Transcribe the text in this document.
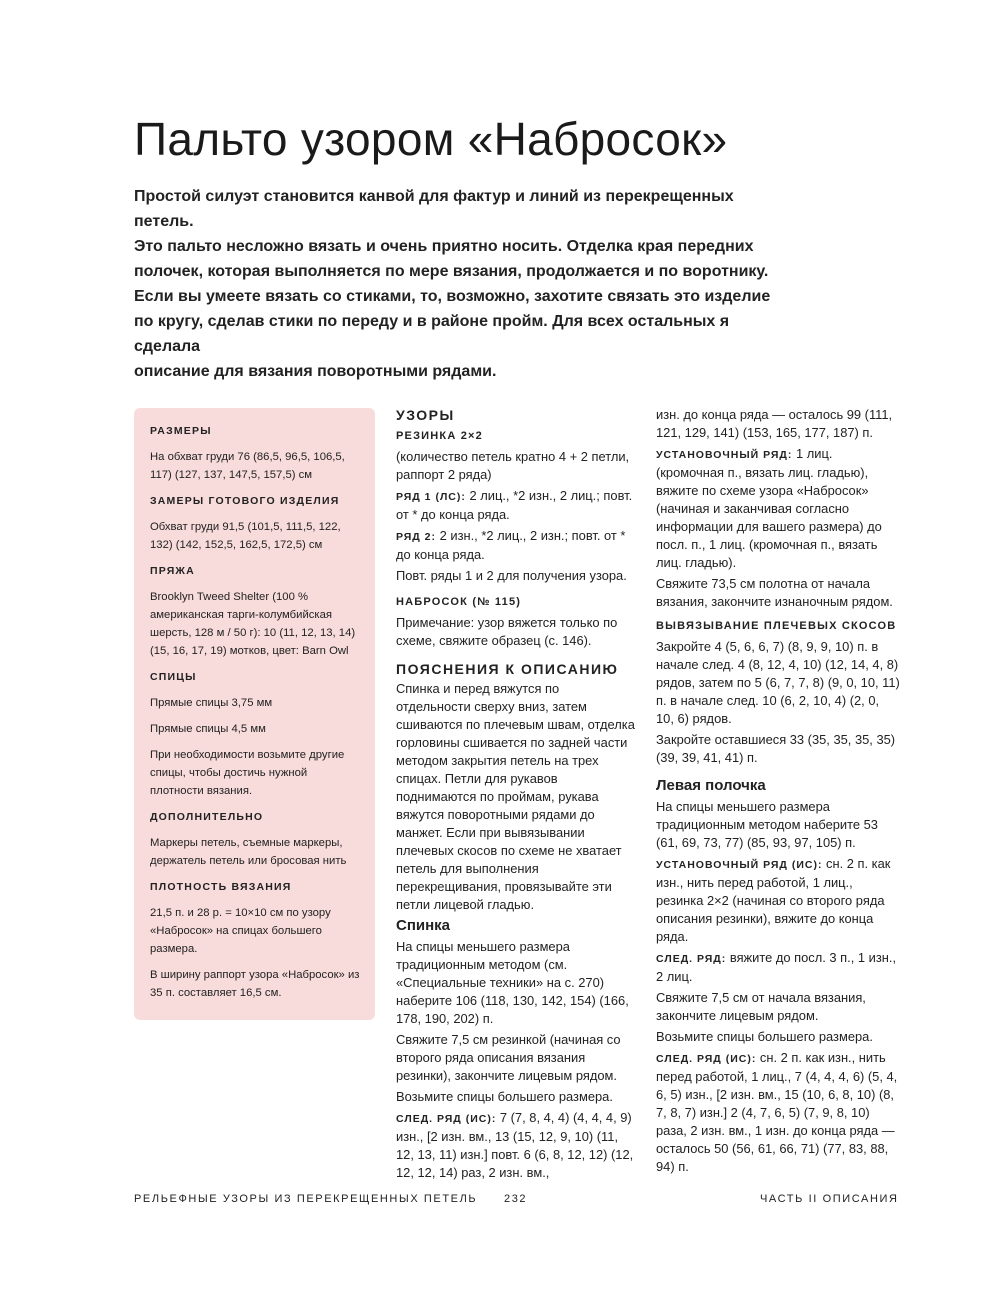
Пальто узором «Набросок»

Простой силуэт становится канвой для фактур и линий из перекрещенных петель.

Это пальто несложно вязать и очень приятно носить. Отделка края передних

полочек, которая выполняется по мере вязания, продолжается и по воротнику.

Если вы умеете вязать со стиками, то, возможно, захотите связать это изделие

по кругу, сделав стики по переду и в районе пройм. Для всех остальных я сделала

описание для вязания поворотными рядами.

РАЗМЕРЫ

На обхват груди 76 (86,5, 96,5, 106,5, 117) (127, 137, 147,5, 157,5) см

ЗАМЕРЫ ГОТОВОГО ИЗДЕЛИЯ

Обхват груди 91,5 (101,5, 111,5, 122, 132) (142, 152,5, 162,5, 172,5) см

ПРЯЖА

Brooklyn Tweed Shelter (100 % американская тарги-колумбийская шерсть, 128 м / 50 г): 10 (11, 12, 13, 14) (15, 16, 17, 19) мотков, цвет: Barn Owl

СПИЦЫ

Прямые спицы 3,75 мм

Прямые спицы 4,5 мм

При необходимости возьмите другие спицы, чтобы достичь нужной плотности вязания.

ДОПОЛНИТЕЛЬНО

Маркеры петель, съемные маркеры, держатель петель или бросовая нить

ПЛОТНОСТЬ ВЯЗАНИЯ

21,5 п. и 28 р. = 10×10 см по узору «Набросок» на спицах большего размера.

В ширину раппорт узора «Набросок» из 35 п. составляет 16,5 см.

УЗОРЫ

РЕЗИНКА 2×2

(количество петель кратно 4 + 2 петли, раппорт 2 ряда)

РЯД 1 (ЛС): 2 лиц., *2 изн., 2 лиц.; повт. от * до конца ряда.

РЯД 2: 2 изн., *2 лиц., 2 изн.; повт. от * до конца ряда.

Повт. ряды 1 и 2 для получения узора.

НАБРОСОК (№ 115)

Примечание: узор вяжется только по схеме, свяжите образец (с. 146).

ПОЯСНЕНИЯ К ОПИСАНИЮ

Спинка и перед вяжутся по отдельности сверху вниз, затем сшиваются по плечевым швам, отделка горловины сшивается по задней части методом закрытия петель на трех спицах. Петли для рукавов поднимаются по проймам, рукава вяжутся поворотными рядами до манжет. Если при вывязывании плечевых скосов по схеме не хватает петель для выполнения перекрещивания, провязывайте эти петли лицевой гладью.

Спинка

На спицы меньшего размера традиционным методом (см. «Специальные техники» на с. 270) наберите 106 (118, 130, 142, 154) (166, 178, 190, 202) п.

Свяжите 7,5 см резинкой (начиная со второго ряда описания вязания резинки), закончите лицевым рядом.

Возьмите спицы большего размера.

СЛЕД. РЯД (ИС): 7 (7, 8, 4, 4) (4, 4, 4, 9) изн., [2 изн. вм., 13 (15, 12, 9, 10) (11, 12, 13, 11) изн.] повт. 6 (6, 8, 12, 12) (12, 12, 12, 14) раз, 2 изн. вм.,

изн. до конца ряда — осталось 99 (111, 121, 129, 141) (153, 165, 177, 187) п.

УСТАНОВОЧНЫЙ РЯД: 1 лиц. (кромочная п., вязать лиц. гладью), вяжите по схеме узора «Набросок» (начиная и заканчивая согласно информации для вашего размера) до посл. п., 1 лиц. (кромочная п., вязать лиц. гладью).

Свяжите 73,5 см полотна от начала вязания, закончите изнаночным рядом.

ВЫВЯЗЫВАНИЕ ПЛЕЧЕВЫХ СКОСОВ

Закройте 4 (5, 6, 6, 7) (8, 9, 9, 10) п. в начале след. 4 (8, 12, 4, 10) (12, 14, 4, 8) рядов, затем по 5 (6, 7, 7, 8) (9, 0, 10, 11) п. в начале след. 10 (6, 2, 10, 4) (2, 0, 10, 6) рядов.

Закройте оставшиеся 33 (35, 35, 35, 35) (39, 39, 41, 41) п.

Левая полочка

На спицы меньшего размера традиционным методом наберите 53 (61, 69, 73, 77) (85, 93, 97, 105) п.

УСТАНОВОЧНЫЙ РЯД (ИС): сн. 2 п. как изн., нить перед работой, 1 лиц., резинка 2×2 (начиная со второго ряда описания резинки), вяжите до конца ряда.

СЛЕД. РЯД: вяжите до посл. 3 п., 1 изн., 2 лиц.

Свяжите 7,5 см от начала вязания, закончите лицевым рядом.

Возьмите спицы большего размера.

СЛЕД. РЯД (ИС): сн. 2 п. как изн., нить перед работой, 1 лиц., 7 (4, 4, 4, 6) (5, 4, 6, 5) изн., [2 изн. вм., 15 (10, 6, 8, 10) (8, 7, 8, 7) изн.] 2 (4, 7, 6, 5) (7, 9, 8, 10) раза, 2 изн. вм., 1 изн. до конца ряда — осталось 50 (56, 61, 66, 71) (77, 83, 88, 94) п.

РЕЛЬЕФНЫЕ УЗОРЫ ИЗ ПЕРЕКРЕЩЕННЫХ ПЕТЕЛЬ 232	ЧАСТЬ II ОПИСАНИЯ
